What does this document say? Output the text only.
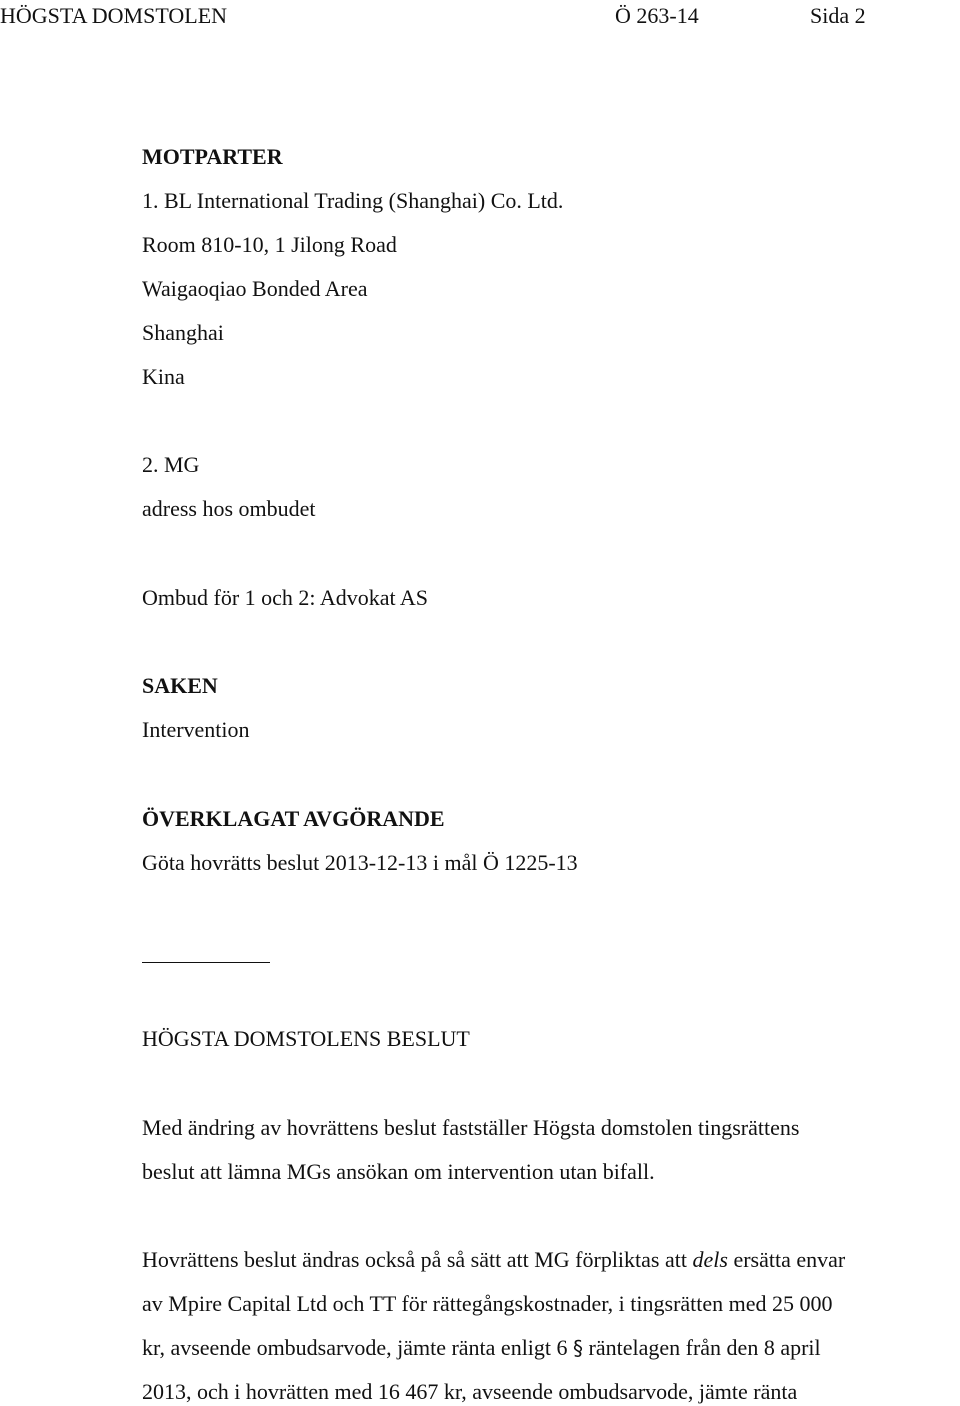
HÖGSTA DOMSTOLEN	Ö 263-14	Sida 2
MOTPARTER
1. BL International Trading (Shanghai) Co. Ltd.
Room 810-10, 1 Jilong Road
Waigaoqiao Bonded Area
Shanghai
Kina
2. MG
adress hos ombudet
Ombud för 1 och 2: Advokat AS
SAKEN
Intervention
ÖVERKLAGAT AVGÖRANDE
Göta hovrätts beslut 2013-12-13 i mål Ö 1225-13
HÖGSTA DOMSTOLENS BESLUT
Med ändring av hovrättens beslut fastställer Högsta domstolen tingsrättens
beslut att lämna MGs ansökan om intervention utan bifall.
Hovrättens beslut ändras också på så sätt att MG förpliktas att dels ersätta envar
av Mpire Capital Ltd och TT för rättegångskostnader, i tingsrätten med 25 000
kr, avseende ombudsarvode, jämte ränta enligt 6 § räntelagen från den 8 april
2013, och i hovrätten med 16 467 kr, avseende ombudsarvode, jämte ränta
